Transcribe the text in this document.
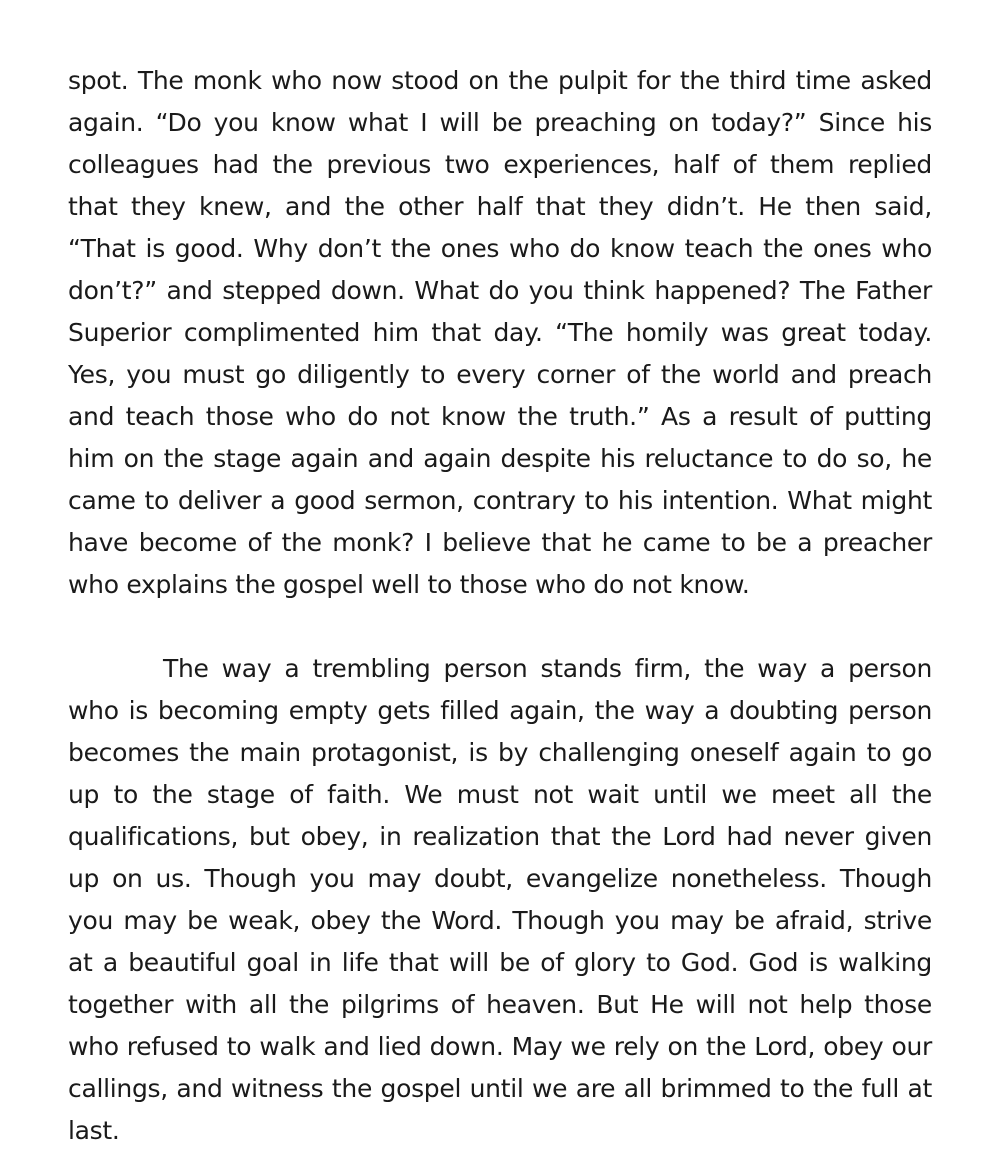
spot. The monk who now stood on the pulpit for the third time asked again. “Do you know what I will be preaching on today?” Since his colleagues had the previous two experiences, half of them replied that they knew, and the other half that they didn’t. He then said, “That is good. Why don’t the ones who do know teach the ones who don’t?” and stepped down. What do you think happened? The Father Superior complimented him that day. “The homily was great today. Yes, you must go diligently to every corner of the world and preach and teach those who do not know the truth.” As a result of putting him on the stage again and again despite his reluctance to do so, he came to deliver a good sermon, contrary to his intention. What might have become of the monk? I believe that he came to be a preacher who explains the gospel well to those who do not know.

The way a trembling person stands firm, the way a person who is becoming empty gets filled again, the way a doubting person becomes the main protagonist, is by challenging oneself again to go up to the stage of faith. We must not wait until we meet all the qualifications, but obey, in realization that the Lord had never given up on us. Though you may doubt, evangelize nonetheless. Though you may be weak, obey the Word. Though you may be afraid, strive at a beautiful goal in life that will be of glory to God. God is walking together with all the pilgrims of heaven. But He will not help those who refused to walk and lied down. May we rely on the Lord, obey our callings, and witness the gospel until we are all brimmed to the full at last.
